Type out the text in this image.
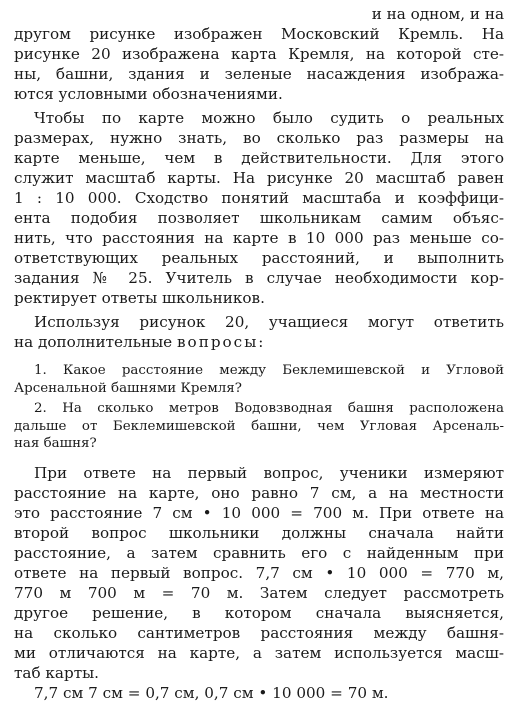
и на одном, и на
другом рисунке изображен Московский Кремль. На
рисунке 20 изображена карта Кремля, на которой сте-
ны, башни, здания и зеленые насаждения изобража-
ются условными обозначениями.
Чтобы по карте можно было судить о реальных
размерах, нужно знать, во сколько раз размеры на
карте меньше, чем в действительности. Для этого
служит масштаб карты. На рисунке 20 масштаб равен
1 : 10 000. Сходство понятий масштаба и коэффици-
ента подобия позволяет школьникам самим объяс-
нить, что расстояния на карте в 10 000 раз меньше со-
ответствующих реальных расстояний, и выполнить
задания № 25. Учитель в случае необходимости кор-
ректирует ответы школьников.
Используя рисунок 20, учащиеся могут ответить
на дополнительные вопросы:
1. Какое расстояние между Беклемишевской и Угловой
Арсенальной башнями Кремля?
2. На сколько метров Водовзводная башня расположена
дальше от Беклемишевской башни, чем Угловая Арсеналь-
ная башня?
При ответе на первый вопрос, ученики измеряют
расстояние на карте, оно равно 7 см, а на местности
это расстояние 7 см • 10 000 = 700 м. При ответе на
второй вопрос школьники должны сначала найти
расстояние, а затем сравнить его с найденным при
ответе на первый вопрос. 7,7 см • 10 000 = 770 м,
770 м 700 м = 70 м. Затем следует рассмотреть
другое решение, в котором сначала выясняется,
на сколько сантиметров расстояния между башня-
ми отличаются на карте, а затем используется масш-
таб карты.
7,7 см 7 см = 0,7 см, 0,7 см • 10 000 = 70 м.
